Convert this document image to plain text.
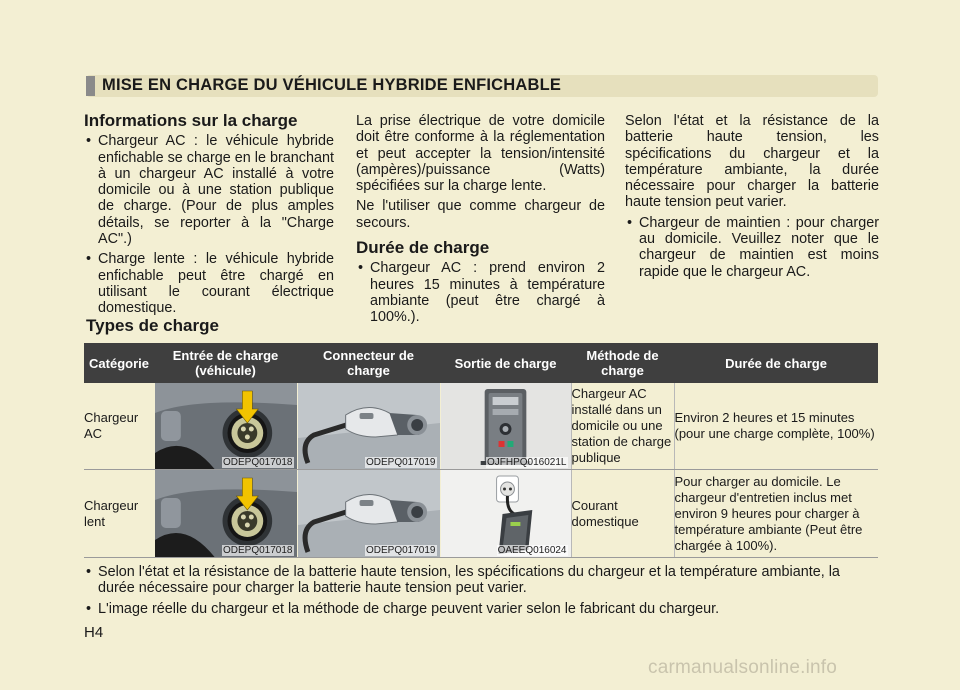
MISE EN CHARGE DU VÉHICULE HYBRIDE ENFICHABLE
Informations sur la charge
• Chargeur AC : le véhicule hybride enfichable se charge en le branchant à un chargeur AC installé à votre domicile ou à une station publique de charge. (Pour de plus amples détails, se reporter à la "Charge AC".)
• Charge lente : le véhicule hybride enfichable peut être chargé en utilisant le courant électrique domestique.

La prise électrique de votre domicile doit être conforme à la réglementation et peut accepter la tension/intensité (ampères)/puissance (Watts) spécifiées sur la charge lente.

Ne l'utiliser que comme chargeur de secours.

Durée de charge
• Chargeur AC : prend environ 2 heures 15 minutes à température ambiante (peut être chargé à 100%.).

Selon l'état et la résistance de la batterie haute tension, les spécifications du chargeur et la température ambiante, la durée nécessaire pour charger la batterie haute tension peut varier.

• Chargeur de maintien : pour charger au domicile. Veuillez noter que le chargeur de maintien est moins rapide que le chargeur AC.
Types de charge
Catégorie	Entrée de charge (véhicule)	Connecteur de charge	Sortie de charge	Méthode de charge	Durée de charge
Chargeur AC	ODEPQ017018	ODEPQ017019	OJFHPQ016021L	Chargeur AC installé dans un domicile ou une station de charge publique	Environ 2 heures et 15 minutes (pour une charge complète, 100%)
Chargeur lent	ODEPQ017018	ODEPQ017019	OAEEQ016024	Courant domestique	Pour charger au domicile. Le chargeur d'entretien inclus met environ 9 heures pour charger à température ambiante (Peut être chargée à 100%).
• Selon l'état et la résistance de la batterie haute tension, les spécifications du chargeur et la température ambiante, la durée nécessaire pour charger la batterie haute tension peut varier.
• L'image réelle du chargeur et la méthode de charge peuvent varier selon le fabricant du chargeur.
H4
carmanualsonline.info
